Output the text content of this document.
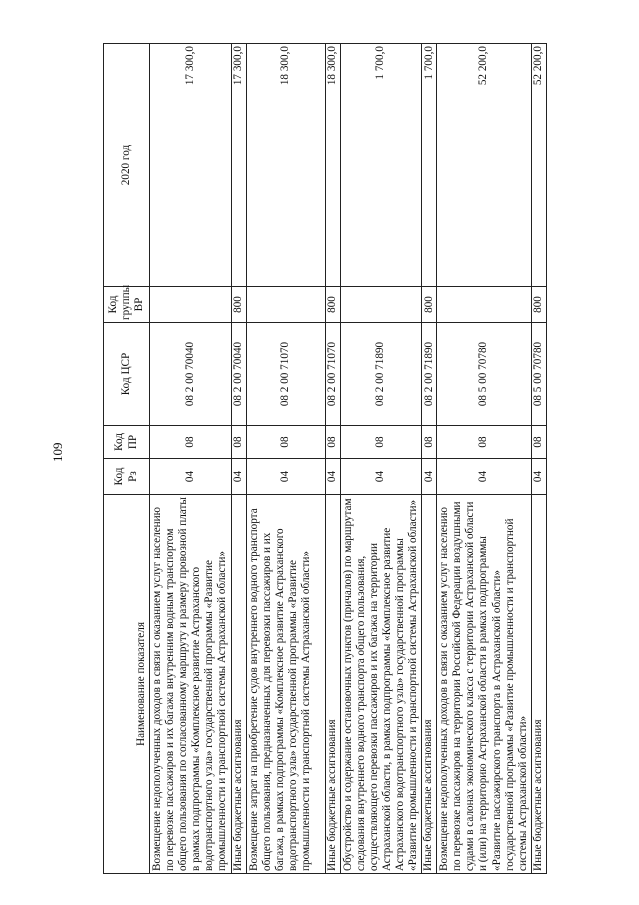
109
Наименование показателя	Код Рз	Код ПР	Код ЦСР	Код группы ВР	2020 год
Возмещение недополученных доходов в связи с оказанием услуг населению по перевозке пассажиров и их багажа внутренним водным транспортом общего пользования по согласованному маршруту и размеру провозной платы в рамках подпрограммы «Комплексное развитие Астраханского водотранспортного узла» государственной программы «Развитие промышленности и транспортной системы Астраханской области»	04	08	08 2 00 70040		17 300,0
Иные бюджетные ассигнования	04	08	08 2 00 70040	800	17 300,0
Возмещение затрат на приобретение судов внутреннего водного транспорта общего пользования, предназначенных для перевозки пассажиров и их багажа, в рамках подпрограммы «Комплексное развитие Астраханского водотранспортного узла» государственной программы «Развитие промышленности и транспортной системы Астраханской области»	04	08	08 2 00 71070		18 300,0
Иные бюджетные ассигнования	04	08	08 2 00 71070	800	18 300,0
Обустройство и содержание остановочных пунктов (причалов) по маршрутам следования внутреннего водного транспорта общего пользования, осуществляющего перевозки пассажиров и их багажа на территории Астраханской области, в рамках подпрограммы «Комплексное развитие Астраханского водотранспортного узла» государственной программы «Развитие промышленности и транспортной системы Астраханской области»	04	08	08 2 00 71890		1 700,0
Иные бюджетные ассигнования	04	08	08 2 00 71890	800	1 700,0
Возмещение недополученных доходов в связи с оказанием услуг населению по перевозке пассажиров на территории Российской Федерации воздушными судами в салонах экономического класса с территории Астраханской области и (или) на территорию Астраханской области в рамках подпрограммы «Развитие пассажирского транспорта в Астраханской области» государственной программы «Развитие промышленности и транспортной системы Астраханской области»	04	08	08 5 00 70780		52 200,0
Иные бюджетные ассигнования	04	08	08 5 00 70780	800	52 200,0
